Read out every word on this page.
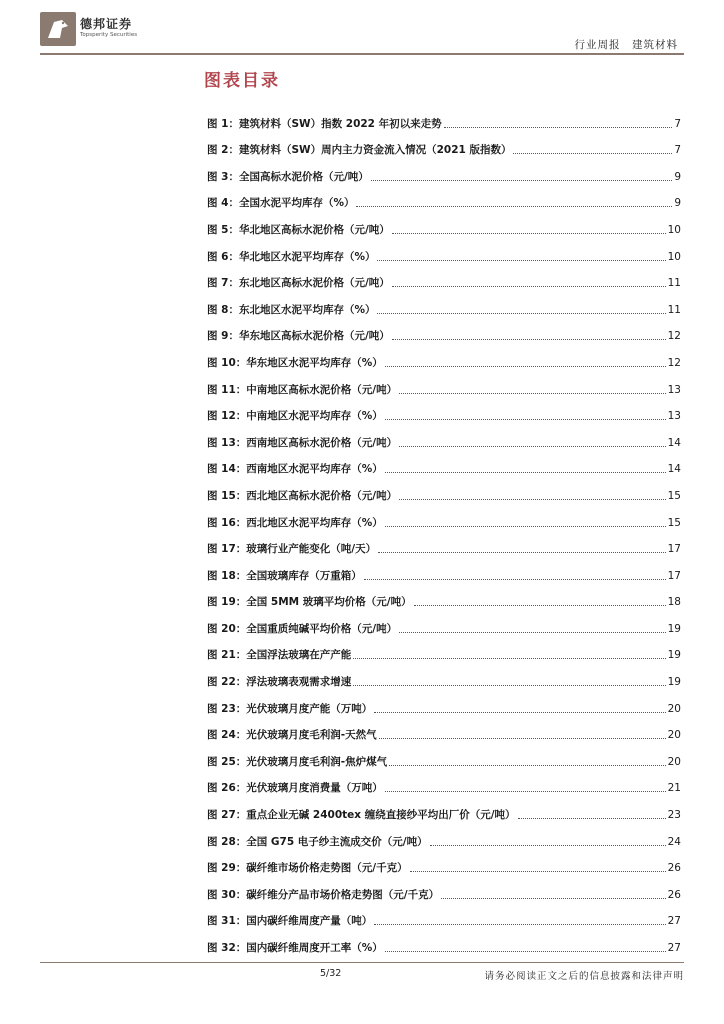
德邦证券
Topsperity Securities
行业周报　建筑材料
图表目录
图 1：建筑材料（SW）指数 2022 年初以来走势	7
图 2：建筑材料（SW）周内主力资金流入情况（2021 版指数）	7
图 3：全国高标水泥价格（元/吨）	9
图 4：全国水泥平均库存（%）	9
图 5：华北地区高标水泥价格（元/吨）	10
图 6：华北地区水泥平均库存（%）	10
图 7：东北地区高标水泥价格（元/吨）	11
图 8：东北地区水泥平均库存（%）	11
图 9：华东地区高标水泥价格（元/吨）	12
图 10：华东地区水泥平均库存（%）	12
图 11：中南地区高标水泥价格（元/吨）	13
图 12：中南地区水泥平均库存（%）	13
图 13：西南地区高标水泥价格（元/吨）	14
图 14：西南地区水泥平均库存（%）	14
图 15：西北地区高标水泥价格（元/吨）	15
图 16：西北地区水泥平均库存（%）	15
图 17：玻璃行业产能变化（吨/天）	17
图 18：全国玻璃库存（万重箱）	17
图 19：全国 5MM 玻璃平均价格（元/吨）	18
图 20：全国重质纯碱平均价格（元/吨）	19
图 21：全国浮法玻璃在产产能	19
图 22：浮法玻璃表观需求增速	19
图 23：光伏玻璃月度产能（万吨）	20
图 24：光伏玻璃月度毛利润-天然气	20
图 25：光伏玻璃月度毛利润-焦炉煤气	20
图 26：光伏玻璃月度消费量（万吨）	21
图 27：重点企业无碱 2400tex 缠绕直接纱平均出厂价（元/吨）	23
图 28：全国 G75 电子纱主流成交价（元/吨）	24
图 29：碳纤维市场价格走势图（元/千克）	26
图 30：碳纤维分产品市场价格走势图（元/千克）	26
图 31：国内碳纤维周度产量（吨）	27
图 32：国内碳纤维周度开工率（%）	27
5/32	请务必阅读正文之后的信息披露和法律声明
